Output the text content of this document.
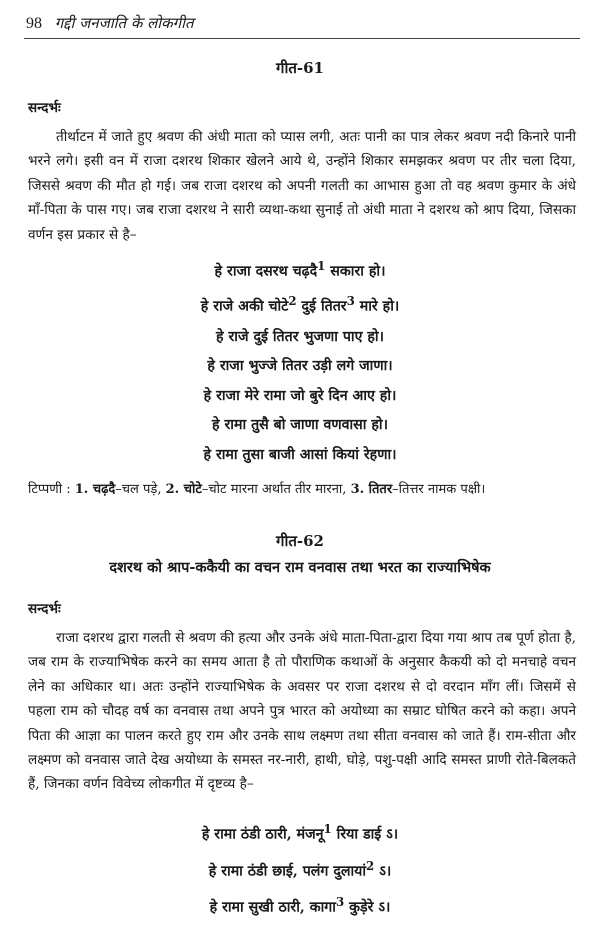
98 गद्दी जनजाति के लोकगीत
गीत-61
सन्दर्भः
तीर्थाटन में जाते हुए श्रवण की अंधी माता को प्यास लगी, अतः पानी का पात्र लेकर श्रवण नदी किनारे पानी भरने लगे। इसी वन में राजा दशरथ शिकार खेलने आये थे, उन्होंने शिकार समझकर श्रवण पर तीर चला दिया, जिससे श्रवण की मौत हो गई। जब राजा दशरथ को अपनी गलती का आभास हुआ तो वह श्रवण कुमार के अंधे माँ-पिता के पास गए। जब राजा दशरथ ने सारी व्यथा-कथा सुनाई तो अंधी माता ने दशरथ को श्राप दिया, जिसका वर्णन इस प्रकार से है–
हे राजा दसरथ चढ़दै$^1$ सकारा हो।
हे राजे अकी चोटे$^2$ दुई तितर$^3$ मारे हो।
हे राजे दुई तितर भुजणा पाए हो।
हे राजा भुज्जे तितर उड़ी लगे जाणा।
हे राजा मेरे रामा जो बुरे दिन आए हो।
हे रामा तुसै बो जाणा वणवासा हो।
हे रामा तुसा बाजी आसां कियां रेहणा।
टिप्पणी : 1. चढ़दै–चल पड़े, 2. चोटे–चोट मारना अर्थात तीर मारना, 3. तितर–तित्तर नामक पक्षी।
गीत-62
दशरथ को श्राप-ककैयी का वचन राम वनवास तथा भरत का राज्याभिषेक
सन्दर्भः
राजा दशरथ द्वारा गलती से श्रवण की हत्या और उनके अंधे माता-पिता-द्वारा दिया गया श्राप तब पूर्ण होता है, जब राम के राज्याभिषेक करने का समय आता है तो पौराणिक कथाओं के अनुसार कैकयी को दो मनचाहे वचन लेने का अधिकार था। अतः उन्होंने राज्याभिषेक के अवसर पर राजा दशरथ से दो वरदान माँग लीं। जिसमें से पहला राम को चौदह वर्ष का वनवास तथा अपने पुत्र भारत को अयोध्या का सम्राट घोषित करने को कहा। अपने पिता की आज्ञा का पालन करते हुए राम और उनके साथ लक्ष्मण तथा सीता वनवास को जाते हैं। राम-सीता और लक्ष्मण को वनवास जाते देख अयोध्या के समस्त नर-नारी, हाथी, घोड़े, पशु-पक्षी आदि समस्त प्राणी रोते-बिलकते हैं, जिनका वर्णन विवेच्य लोकगीत में दृष्टव्य है–
हे रामा ठंडी ठारी, मंजनू$^1$ रिया डाई ऽ।
हे रामा ठंडी छाई, पलंग दुलायां$^2$ ऽ।
हे रामा सुखी ठारी, कागा$^3$ कुड़ेरे ऽ।
